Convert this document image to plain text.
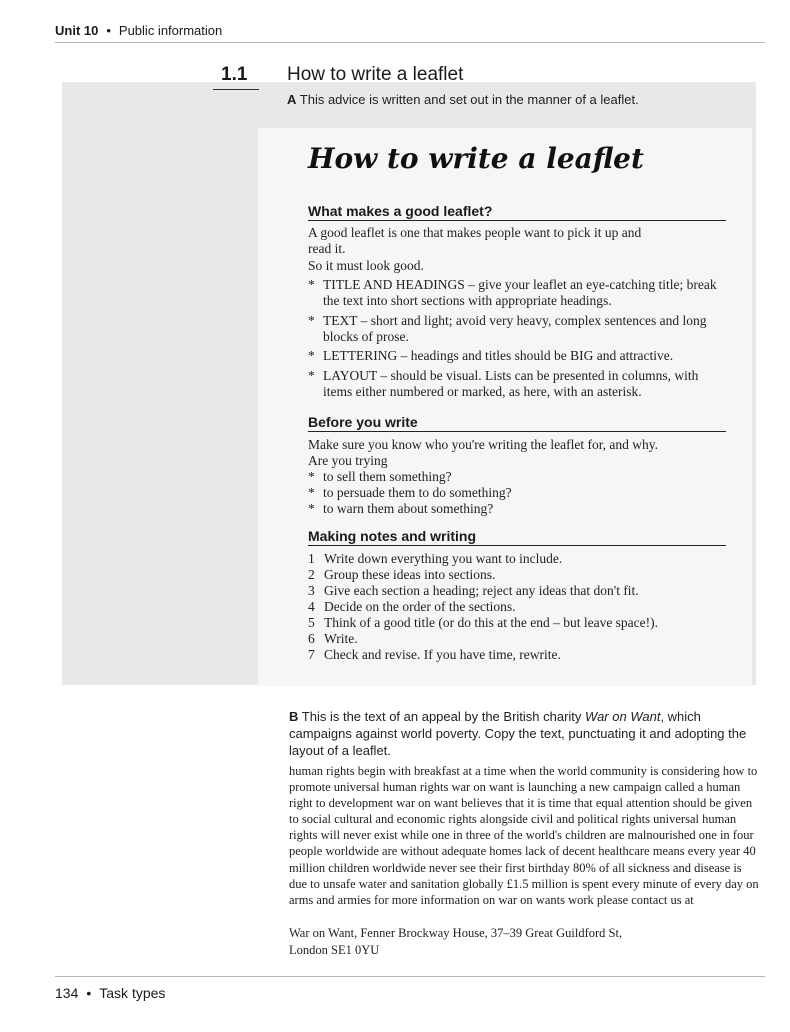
Unit 10 • Public information
1.1	How to write a leaflet
A This advice is written and set out in the manner of a leaflet.
How to write a leaflet
What makes a good leaflet?
A good leaflet is one that makes people want to pick it up and
read it.
So it must look good.
* TITLE AND HEADINGS – give your leaflet an eye-catching title; break the text into short sections with appropriate headings.
* TEXT – short and light; avoid very heavy, complex sentences and long blocks of prose.
* LETTERING – headings and titles should be BIG and attractive.
* LAYOUT – should be visual. Lists can be presented in columns, with items either numbered or marked, as here, with an asterisk.
Before you write
Make sure you know who you're writing the leaflet for, and why.
Are you trying
* to sell them something?
* to persuade them to do something?
* to warn them about something?
Making notes and writing
1 Write down everything you want to include.
2 Group these ideas into sections.
3 Give each section a heading; reject any ideas that don't fit.
4 Decide on the order of the sections.
5 Think of a good title (or do this at the end – but leave space!).
6 Write.
7 Check and revise. If you have time, rewrite.

B This is the text of an appeal by the British charity War on Want, which campaigns against world poverty. Copy the text, punctuating it and adopting the layout of a leaflet.

human rights begin with breakfast at a time when the world community is considering how to promote universal human rights war on want is launching a new campaign called a human right to development war on want believes that it is time that equal attention should be given to social cultural and economic rights alongside civil and political rights universal human rights will never exist while one in three of the world's children are malnourished one in four people worldwide are without adequate homes lack of decent healthcare means every year 40 million children worldwide never see their first birthday 80% of all sickness and disease is due to unsafe water and sanitation globally £1.5 million is spent every minute of every day on arms and armies for more information on war on wants work please contact us at

War on Want, Fenner Brockway House, 37–39 Great Guildford St,
London SE1 0YU
134 • Task types
